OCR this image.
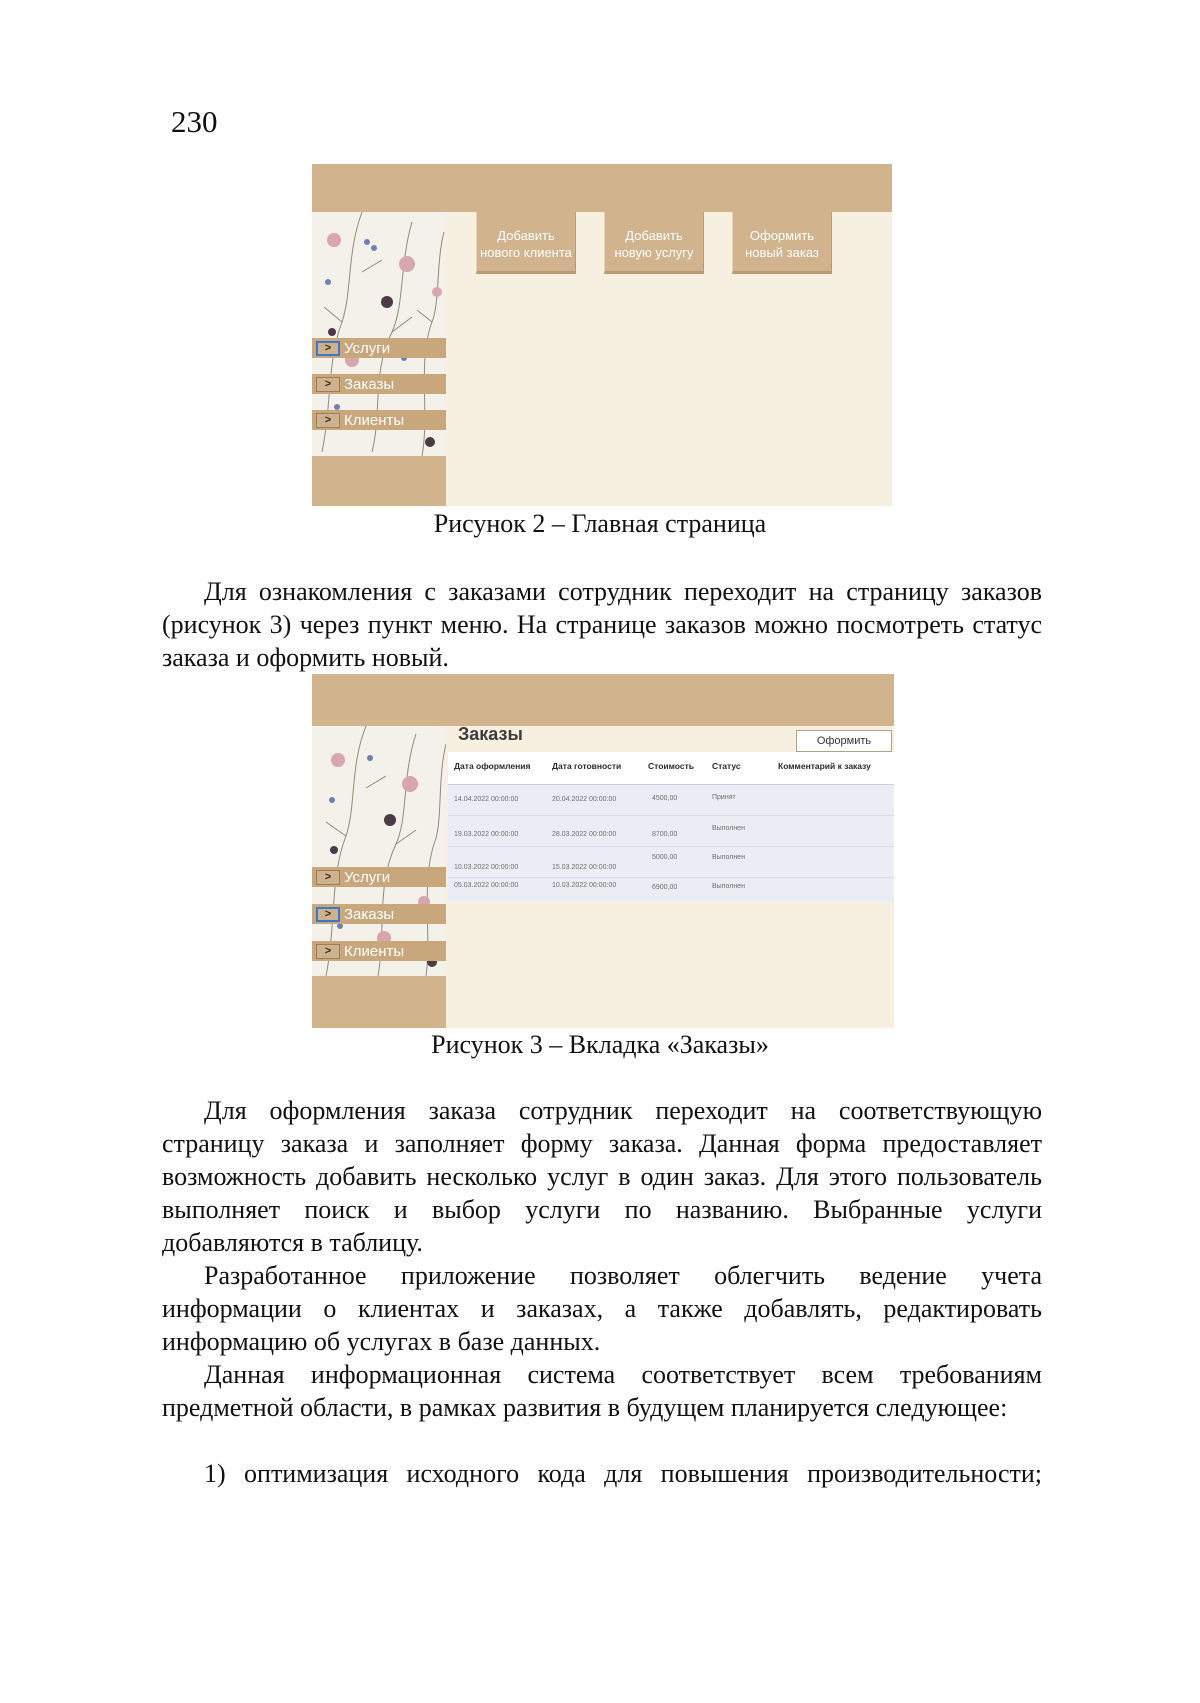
230
> Услуги
> Заказы
> Клиенты
Добавить нового клиента
Добавить новую услугу
Оформить новый заказ
Рисунок 2 – Главная страница

Для ознакомления с заказами сотрудник переходит на страницу заказов (рисунок 3) через пункт меню. На странице заказов можно посмотреть статус заказа и оформить новый.

> Услуги
> Заказы
> Клиенты
Заказы	Оформить
Дата оформления	Дата готовности	Стоимость Статус	Комментарий к заказу
14.04.2022 00:00:00	20.04.2022 00:00:00	4500,00	Принят
19.03.2022 00:00:00	28.03.2022 00:00:00	8700,00
Выполнен
10.03.2022 00:00:00	15.03.2022 00:00:00
5000,00	Выполнен
05.03.2022 00:00:00	10.03.2022 00:00:00	6900,00	Выполнен
Рисунок 3 – Вкладка «Заказы»

Для оформления заказа сотрудник переходит на соответствующую страницу заказа и заполняет форму заказа. Данная форма предоставляет возможность добавить несколько услуг в один заказ. Для этого пользователь выполняет поиск и выбор услуги по названию. Выбранные услуги добавляются в таблицу.

Разработанное приложение позволяет облегчить ведение учета информации о клиентах и заказах, а также добавлять, редактировать информацию об услугах в базе данных.

Данная информационная система соответствует всем требованиям предметной области, в рамках развития в будущем планируется следующее:

1) оптимизация исходного кода для повышения производительности;
